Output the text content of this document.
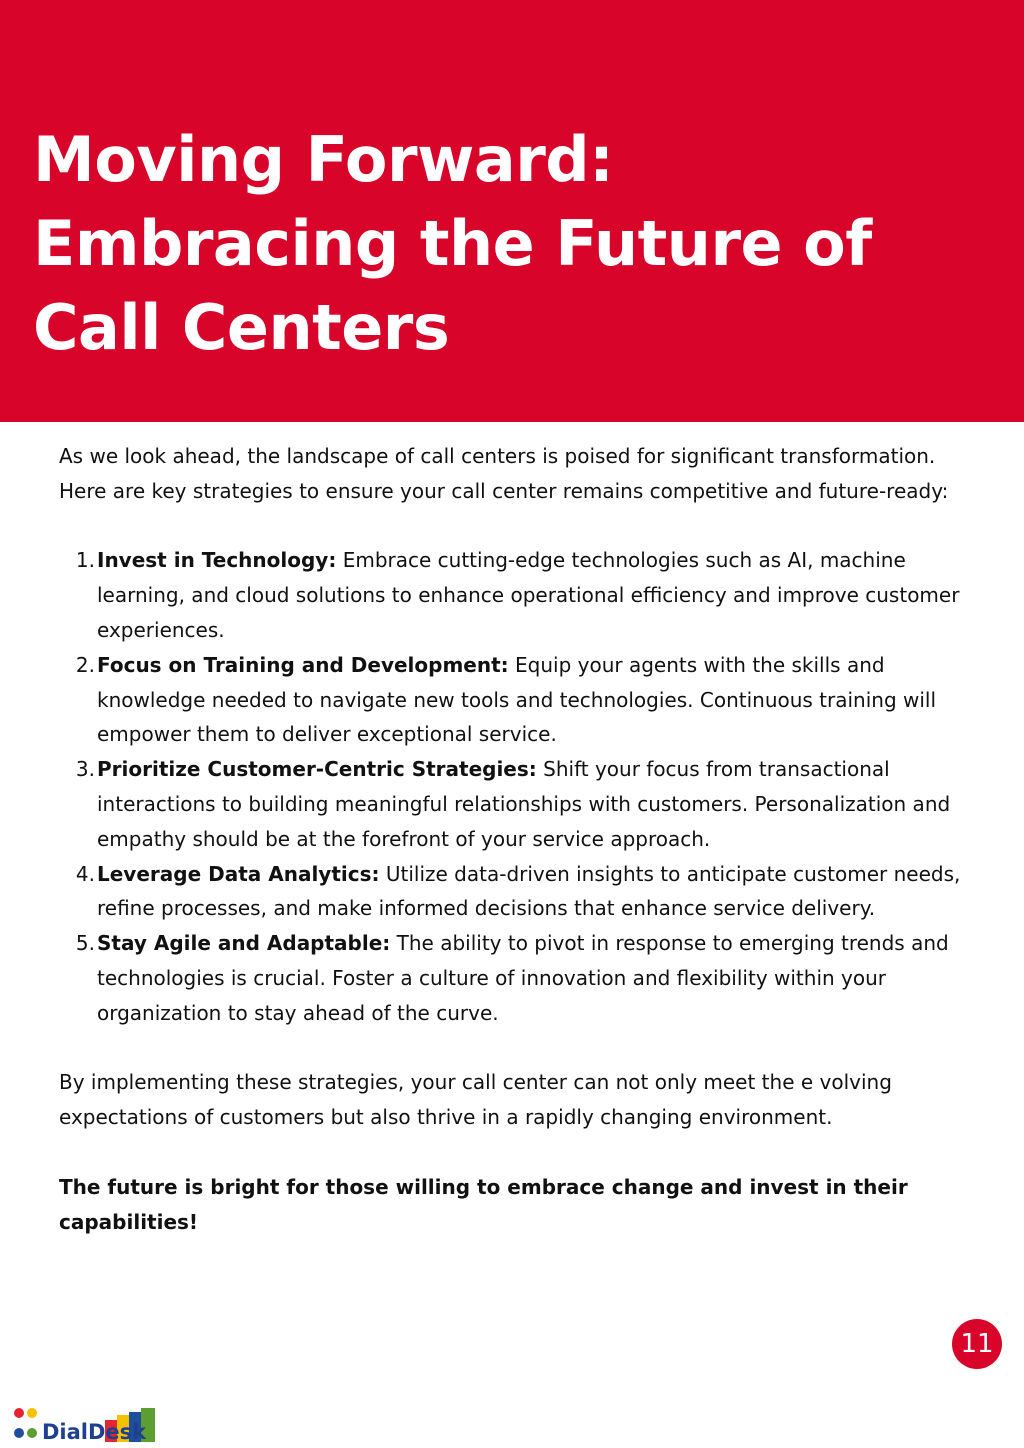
Moving Forward: Embracing the Future of Call Centers

As we look ahead, the landscape of call centers is poised for significant transformation. Here are key strategies to ensure your call center remains competitive and future-ready:

1. Invest in Technology: Embrace cutting-edge technologies such as AI, machine learning, and cloud solutions to enhance operational efficiency and improve customer experiences.
2. Focus on Training and Development: Equip your agents with the skills and knowledge needed to navigate new tools and technologies. Continuous training will empower them to deliver exceptional service.
3. Prioritize Customer-Centric Strategies: Shift your focus from transactional interactions to building meaningful relationships with customers. Personalization and empathy should be at the forefront of your service approach.
4. Leverage Data Analytics: Utilize data-driven insights to anticipate customer needs, refine processes, and make informed decisions that enhance service delivery.
5. Stay Agile and Adaptable: The ability to pivot in response to emerging trends and technologies is crucial. Foster a culture of innovation and flexibility within your organization to stay ahead of the curve.

By implementing these strategies, your call center can not only meet the e volving expectations of customers but also thrive in a rapidly changing environment.

The future is bright for those willing to embrace change and invest in their capabilities!

11
DialDesk
